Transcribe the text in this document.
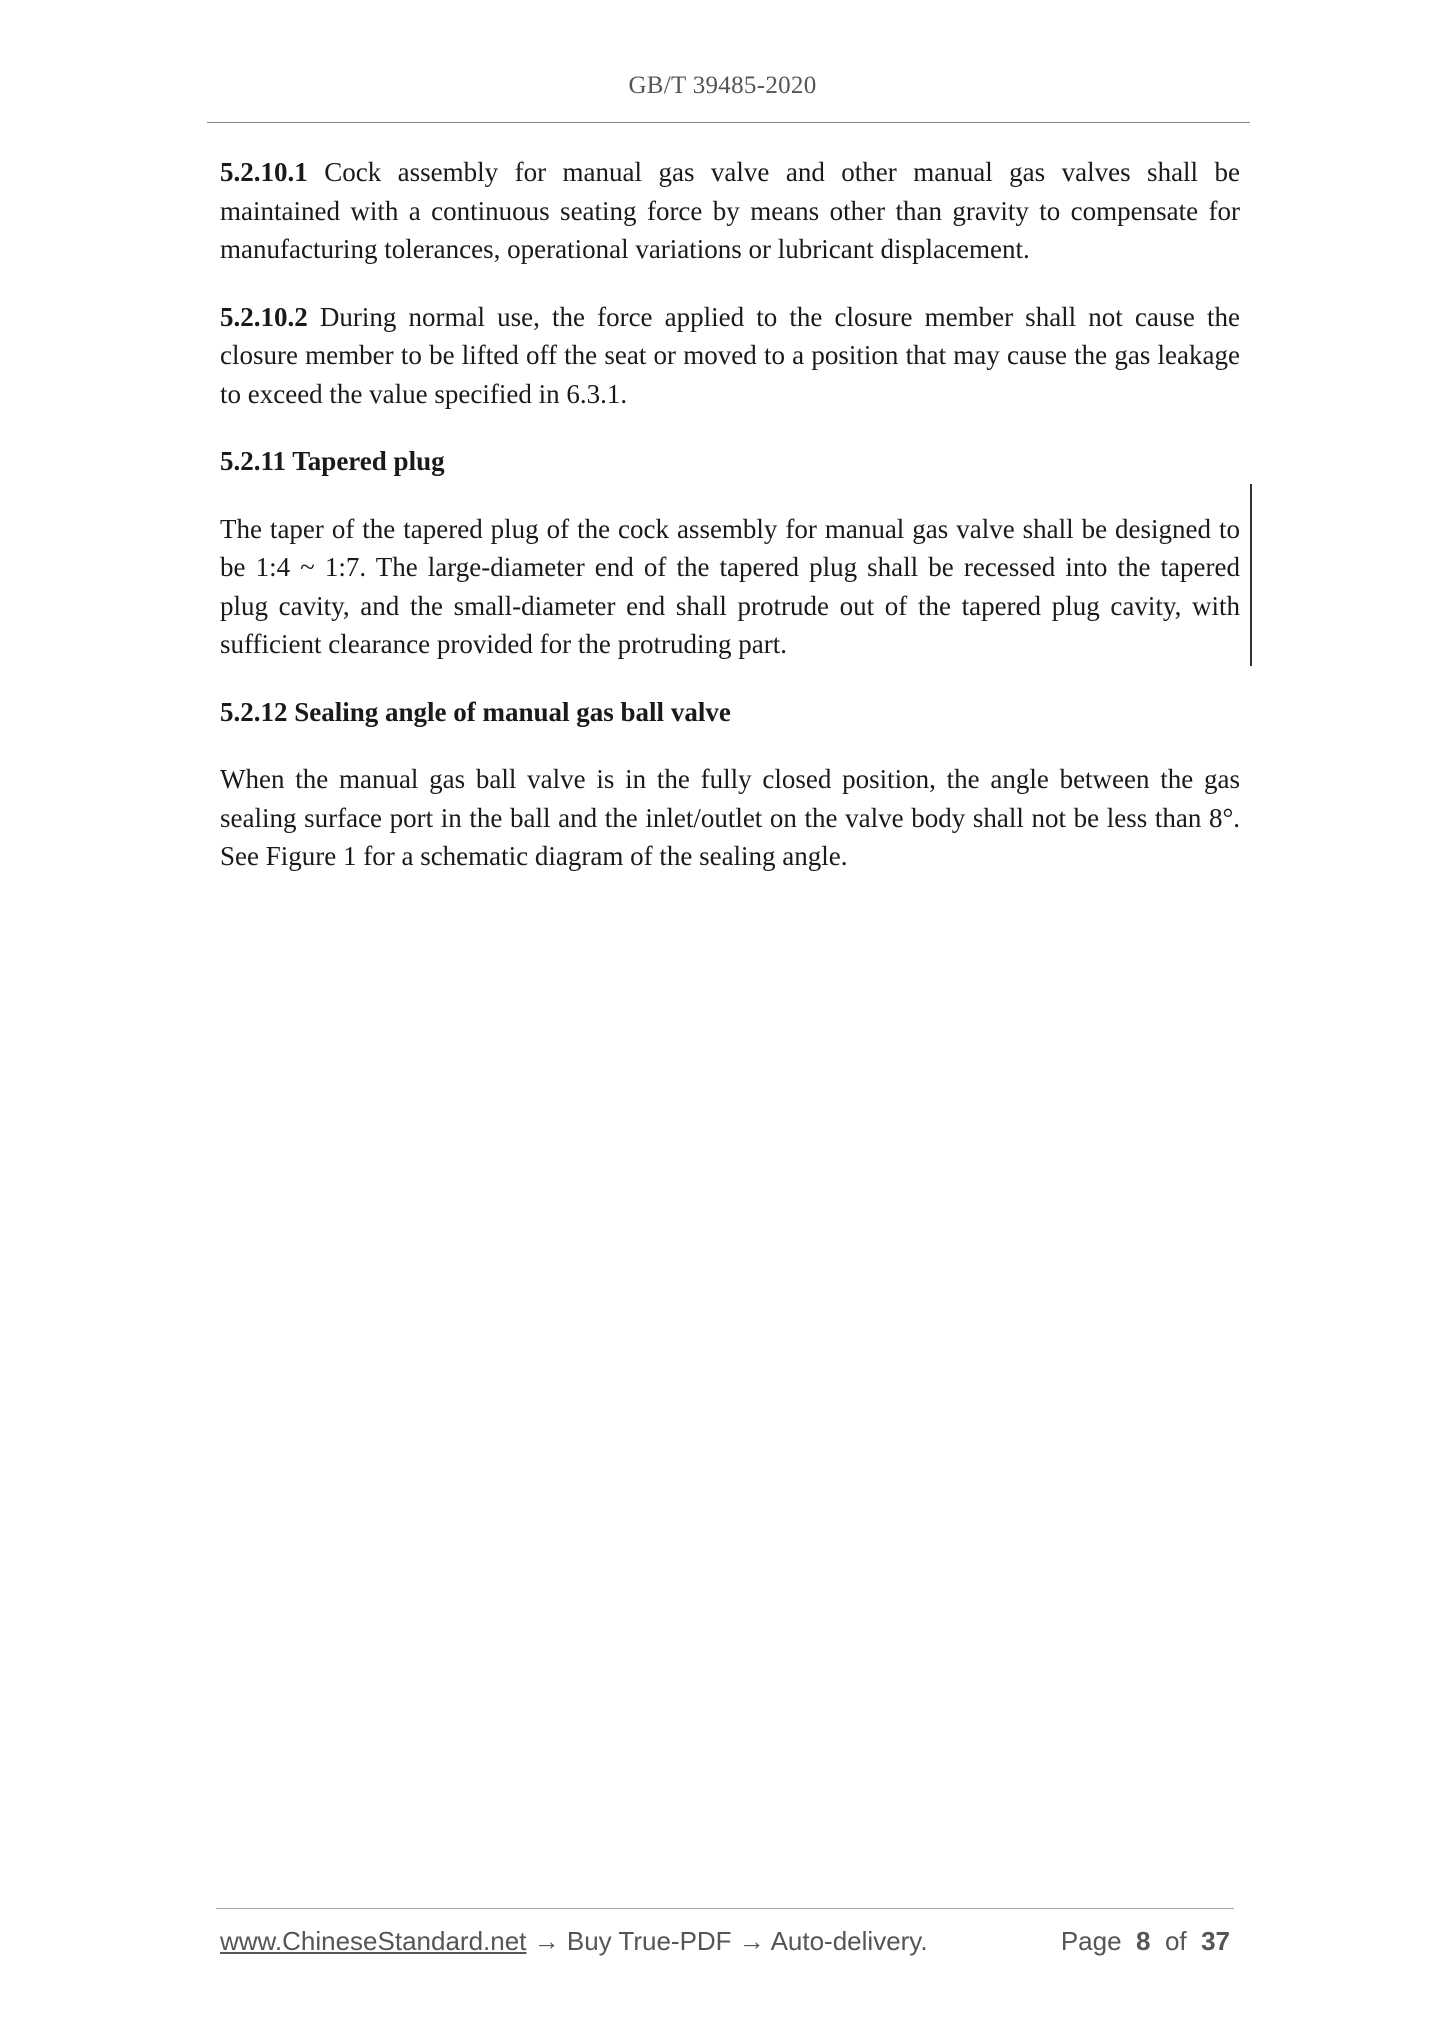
GB/T 39485-2020

5.2.10.1 Cock assembly for manual gas valve and other manual gas valves shall be maintained with a continuous seating force by means other than gravity to compensate for manufacturing tolerances, operational variations or lubricant displacement.

5.2.10.2 During normal use, the force applied to the closure member shall not cause the closure member to be lifted off the seat or moved to a position that may cause the gas leakage to exceed the value specified in 6.3.1.

5.2.11 Tapered plug

The taper of the tapered plug of the cock assembly for manual gas valve shall be designed to be 1:4 ~ 1:7. The large-diameter end of the tapered plug shall be recessed into the tapered plug cavity, and the small-diameter end shall protrude out of the tapered plug cavity, with sufficient clearance provided for the protruding part.

5.2.12 Sealing angle of manual gas ball valve

When the manual gas ball valve is in the fully closed position, the angle between the gas sealing surface port in the ball and the inlet/outlet on the valve body shall not be less than 8°. See Figure 1 for a schematic diagram of the sealing angle.

www.ChineseStandard.net → Buy True-PDF → Auto-delivery.	Page 8 of 37
